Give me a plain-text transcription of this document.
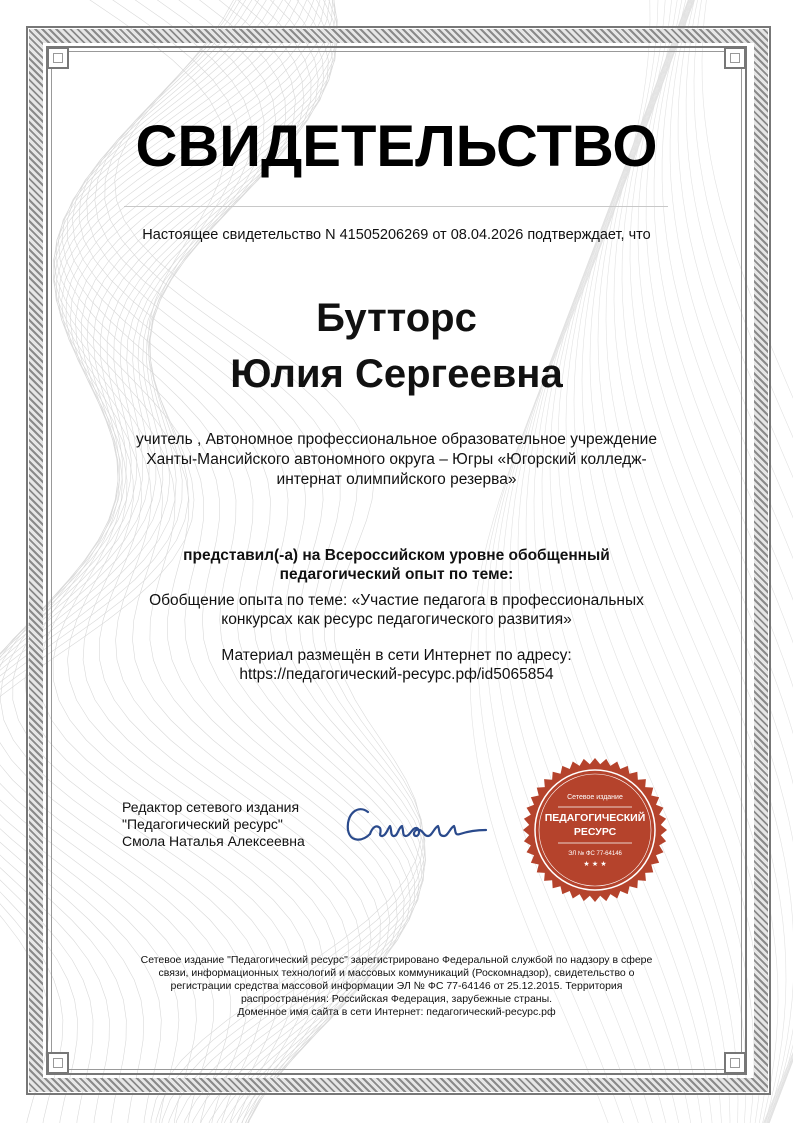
СВИДЕТЕЛЬСТВО
Настоящее свидетельство N 41505206269 от 08.04.2026 подтверждает, что
Бутторс
Юлия Сергеевна
учитель , Автономное профессиональное образовательное учреждение
Ханты-Мансийского автономного округа – Югры «Югорский колледж-
интернат олимпийского резерва»
представил(-а) на Всероссийском уровне обобщенный
педагогический опыт по теме:
Обобщение опыта по теме: «Участие педагога в профессиональных
конкурсах как ресурс педагогического развития»
Материал размещён в сети Интернет по адресу:
https://педагогический-ресурс.рф/id5065854
Редактор сетевого издания
"Педагогический ресурс"
Смола Наталья Алексеевна
Сетевое издание
ПЕДАГОГИЧЕСКИЙ
РЕСУРС
ЭЛ № ФС 77-64146
★ ★ ★
Сетевое издание "Педагогический ресурс" зарегистрировано Федеральной службой по надзору в сфере
связи, информационных технологий и массовых коммуникаций (Роскомнадзор), свидетельство о
регистрации средства массовой информации ЭЛ № ФС 77-64146 от 25.12.2015. Территория
распространения: Российская Федерация, зарубежные страны.
Доменное имя сайта в сети Интернет: педагогический-ресурс.рф
